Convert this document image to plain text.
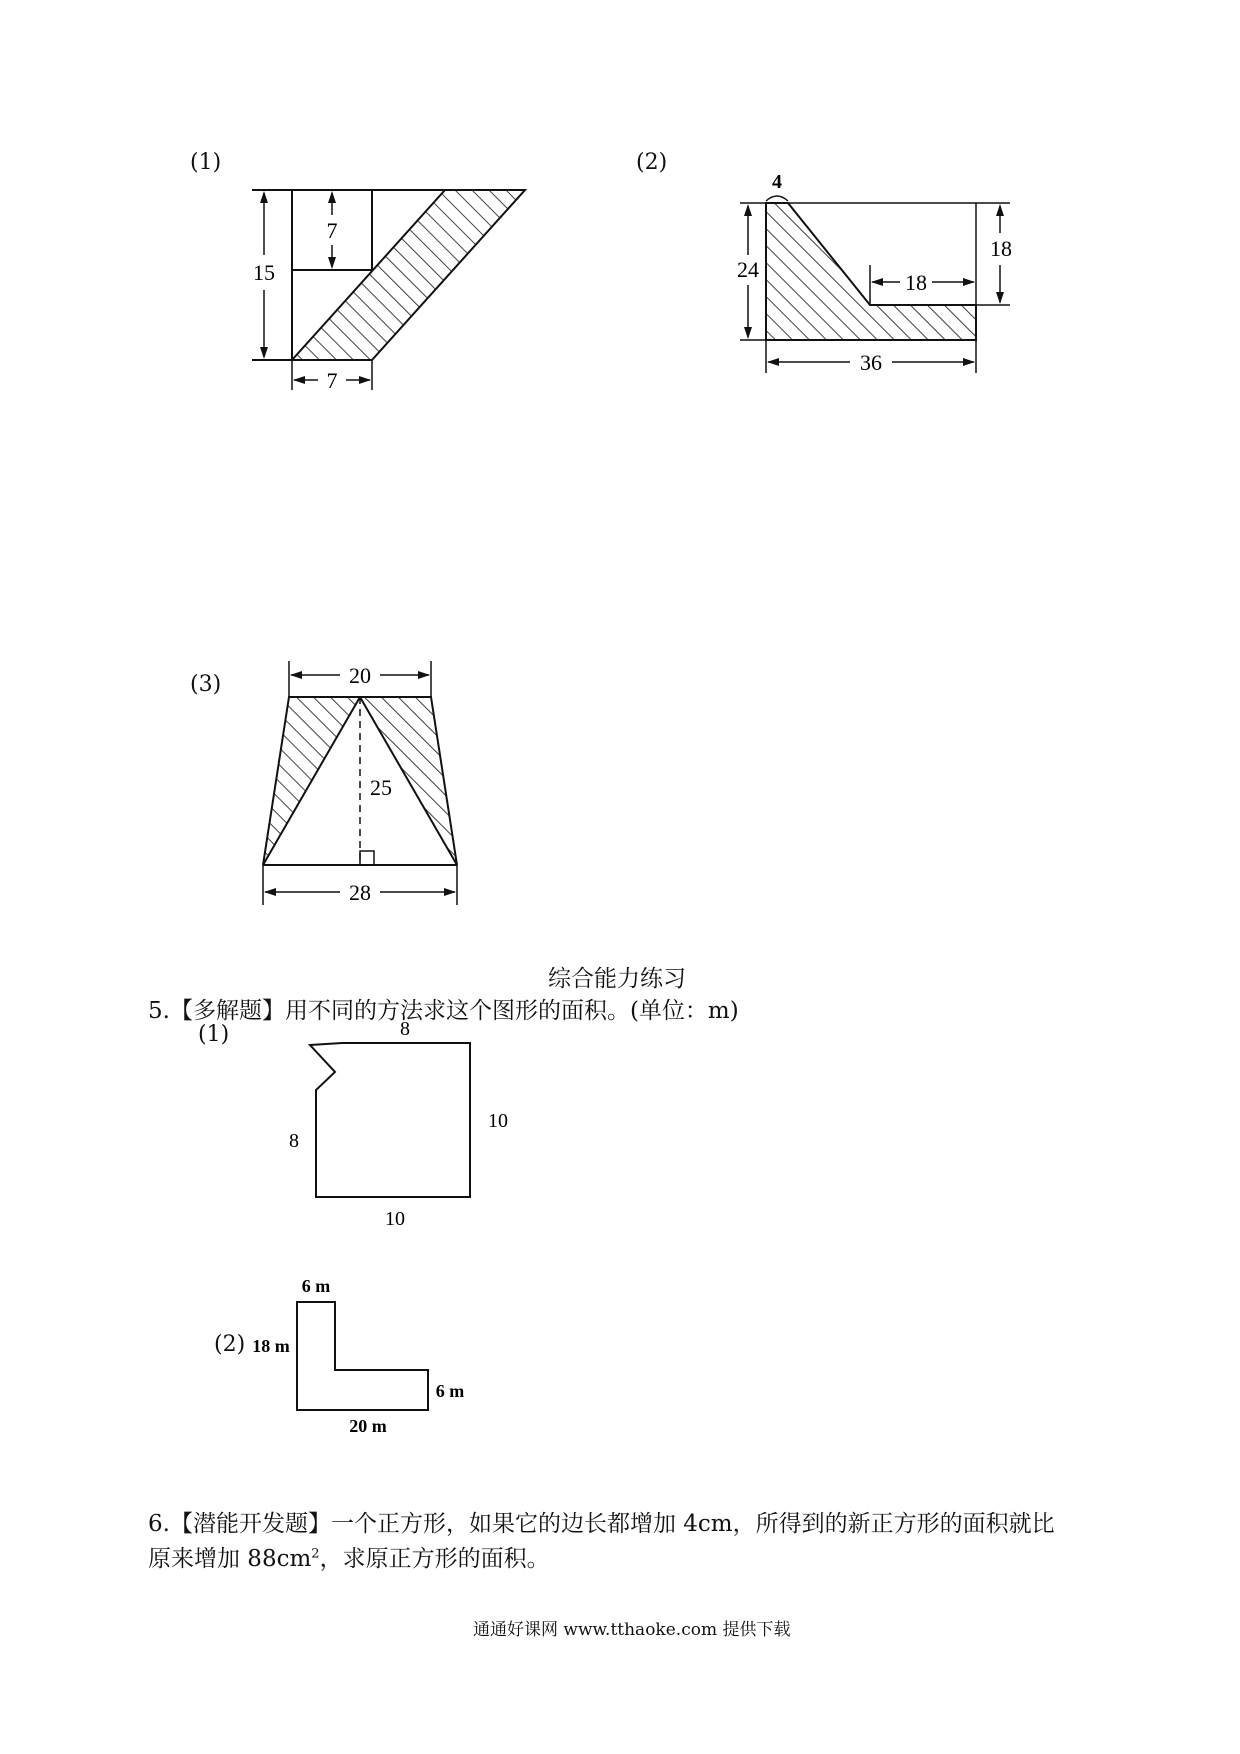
(1)
15
7
7
(2)
4
24
18
18
36
(3)	20
25
28
综合能力练习
5.【多解题】用不同的方法求这个图形的面积。(单位：m)
(1)	8
8
10
10
(2)
6 m
18 m
6 m
20 m
6.【潜能开发题】一个正方形，如果它的边长都增加 4cm，所得到的新正方形的面积就比
原来增加 $88cm^2$，求原正方形的面积。
通通好课网 www.tthaoke.com 提供下载
